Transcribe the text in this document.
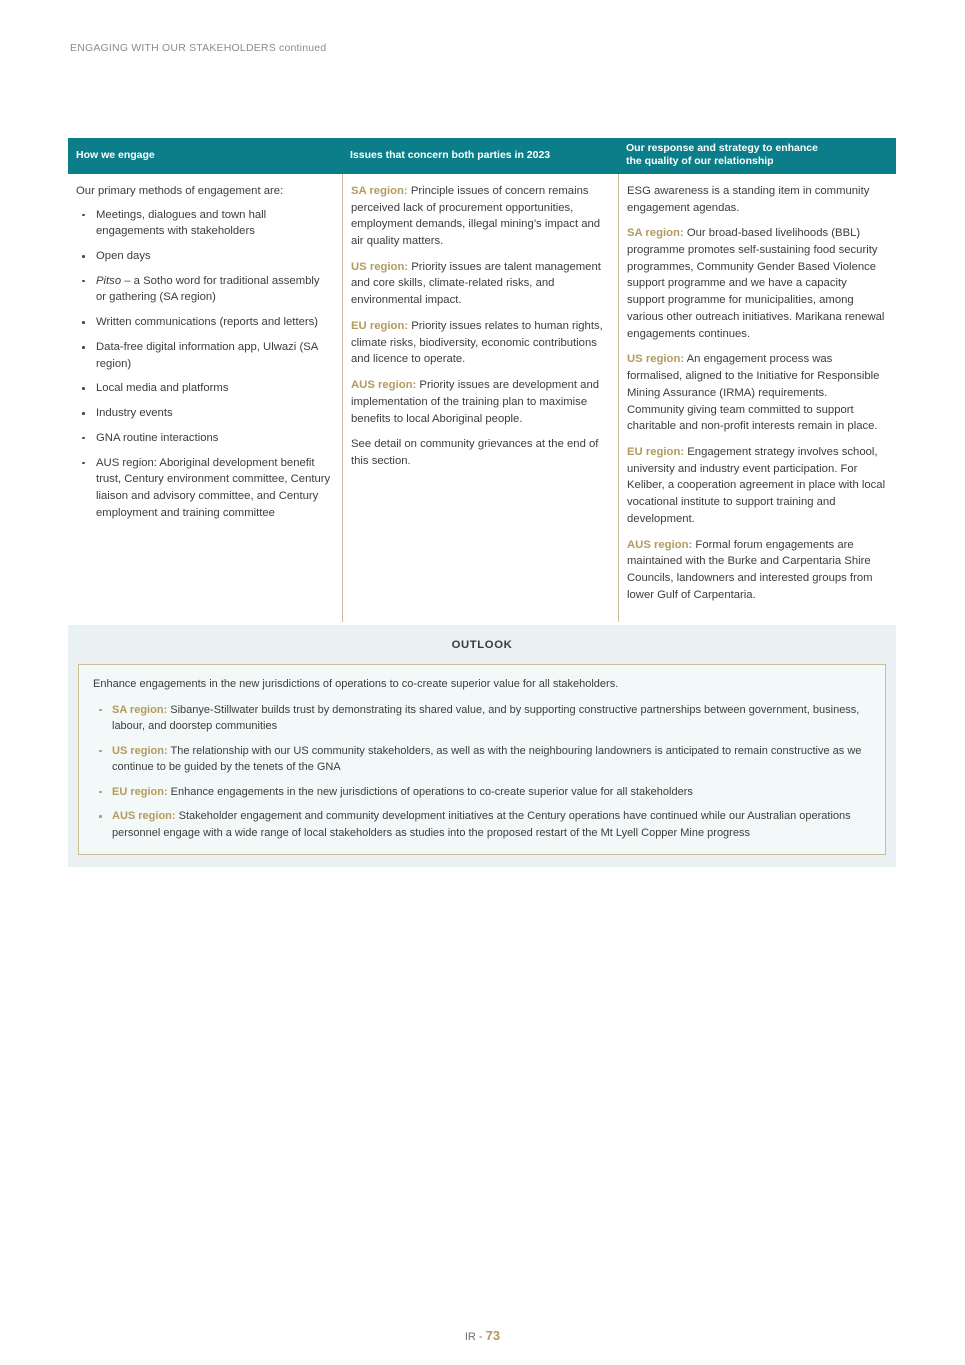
ENGAGING WITH OUR STAKEHOLDERS continued
How we engage	Issues that concern both parties in 2023
Our response and strategy to enhance
the quality of our relationship

Our primary methods of engagement are:

Meetings, dialogues and town hall engagements with stakeholders
Open days
Pitso – a Sotho word for traditional assembly or gathering (SA region)
Written communications (reports and letters)
Data-free digital information app, Ulwazi (SA region)
Local media and platforms
Industry events
GNA routine interactions
AUS region: Aboriginal development benefit trust, Century environment committee, Century liaison and advisory committee, and Century employment and training committee

SA region: Principle issues of concern remains perceived lack of procurement opportunities, employment demands, illegal mining’s impact and air quality matters.

US region: Priority issues are talent management and core skills, climate-related risks, and environmental impact.

EU region: Priority issues relates to human rights, climate risks, biodiversity, economic contributions and licence to operate.

AUS region: Priority issues are development and implementation of the training plan to maximise benefits to local Aboriginal people.

See detail on community grievances at the end of this section.

ESG awareness is a standing item in community engagement agendas.

SA region: Our broad-based livelihoods (BBL) programme promotes self-sustaining food security programmes, Community Gender Based Violence support programme and we have a capacity support programme for municipalities, among various other outreach initiatives. Marikana renewal engagements continues.

US region: An engagement process was formalised, aligned to the Initiative for Responsible Mining Assurance (IRMA) requirements. Community giving team committed to support charitable and non-profit interests remain in place.

EU region: Engagement strategy involves school, university and industry event participation. For Keliber, a cooperation agreement in place with local vocational institute to support training and development.

AUS region: Formal forum engagements are maintained with the Burke and Carpentaria Shire Councils, landowners and interested groups from lower Gulf of Carpentaria.

OUTLOOK

Enhance engagements in the new jurisdictions of operations to co-create superior value for all stakeholders.

SA region: Sibanye-Stillwater builds trust by demonstrating its shared value, and by supporting constructive partnerships between government, business, labour, and doorstep communities
US region: The relationship with our US community stakeholders, as well as with the neighbouring landowners is anticipated to remain constructive as we continue to be guided by the tenets of the GNA
EU region: Enhance engagements in the new jurisdictions of operations to co-create superior value for all stakeholders
AUS region: Stakeholder engagement and community development initiatives at the Century operations have continued while our Australian operations personnel engage with a wide range of local stakeholders as studies into the proposed restart of the Mt Lyell Copper Mine progress
IR - 73
